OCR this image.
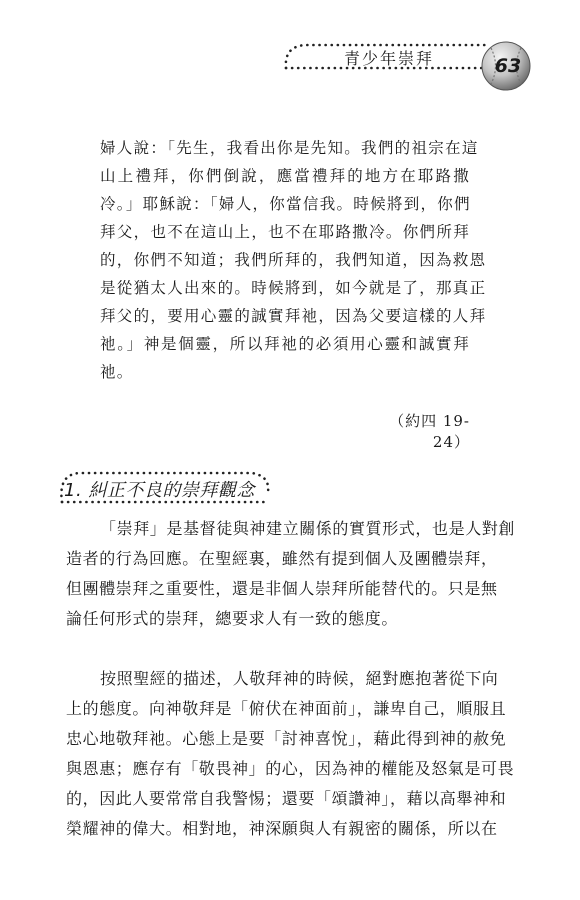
青少年崇拜	63
婦人說：「先生，我看出你是先知。我們的祖宗在這
山上禮拜，你們倒說，應當禮拜的地方在耶路撒
冷。」耶穌說：「婦人，你當信我。時候將到，你們
拜父，也不在這山上，也不在耶路撒冷。你們所拜
的，你們不知道；我們所拜的，我們知道，因為救恩
是從猶太人出來的。時候將到，如今就是了，那真正
拜父的，要用心靈的誠實拜祂，因為父要這樣的人拜
祂。」神是個靈，所以拜祂的必須用心靈和誠實拜
祂。
（約四 19-24）
1. 糾正不良的崇拜觀念
「崇拜」是基督徒與神建立關係的實質形式，也是人對創
造者的行為回應。在聖經裏，雖然有提到個人及團體崇拜，
但團體崇拜之重要性，還是非個人崇拜所能替代的。只是無
論任何形式的崇拜，總要求人有一致的態度。
按照聖經的描述，人敬拜神的時候，絕對應抱著從下向
上的態度。向神敬拜是「俯伏在神面前」，謙卑自己，順服且
忠心地敬拜祂。心態上是要「討神喜悅」，藉此得到神的赦免
與恩惠；應存有「敬畏神」的心，因為神的權能及怒氣是可畏
的，因此人要常常自我警惕；還要「頌讚神」，藉以高舉神和
榮耀神的偉大。相對地，神深願與人有親密的關係，所以在
